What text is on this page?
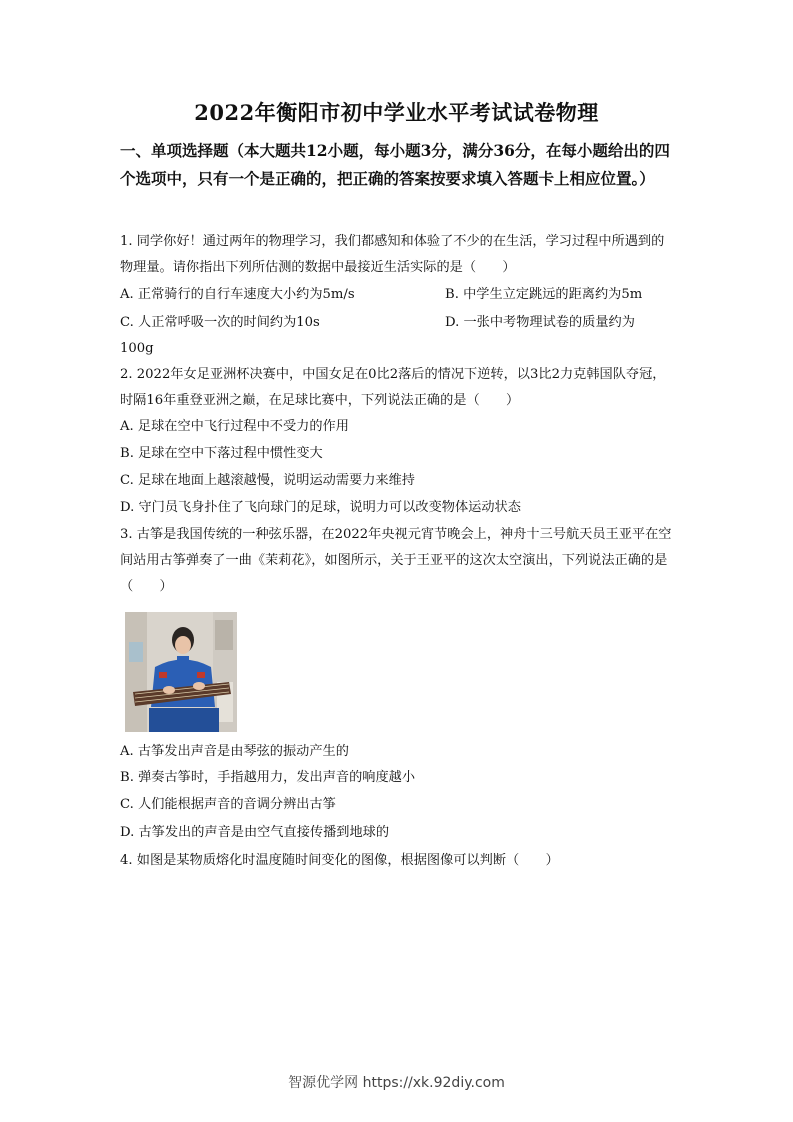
2022年衡阳市初中学业水平考试试卷物理
一、单项选择题（本大题共12小题，每小题3分，满分36分，在每小题给出的四个选项中，只有一个是正确的，把正确的答案按要求填入答题卡上相应位置。）
1. 同学你好！通过两年的物理学习，我们都感知和体验了不少的在生活，学习过程中所遇到的物理量。请你指出下列所估测的数据中最接近生活实际的是（　　）
A. 正常骑行的自行车速度大小约为5m/s	B. 中学生立定跳远的距离约为5m
C. 人正常呼吸一次的时间约为10s	D. 一张中考物理试卷的质量约为
100g
2. 2022年女足亚洲杯决赛中，中国女足在0比2落后的情况下逆转，以3比2力克韩国队夺冠，时隔16年重登亚洲之巅，在足球比赛中，下列说法正确的是（　　）
A. 足球在空中飞行过程中不受力的作用
B. 足球在空中下落过程中惯性变大
C. 足球在地面上越滚越慢，说明运动需要力来维持
D. 守门员飞身扑住了飞向球门的足球，说明力可以改变物体运动状态
3. 古筝是我国传统的一种弦乐器，在2022年央视元宵节晚会上，神舟十三号航天员王亚平在空间站用古筝弹奏了一曲《茉莉花》，如图所示，关于王亚平的这次太空演出，下列说法正确的是（　　）
A. 古筝发出声音是由琴弦的振动产生的
B. 弹奏古筝时，手指越用力，发出声音的响度越小
C. 人们能根据声音的音调分辨出古筝
D. 古筝发出的声音是由空气直接传播到地球的
4. 如图是某物质熔化时温度随时间变化的图像，根据图像可以判断（　　）
智源优学网 https://xk.92diy.com
